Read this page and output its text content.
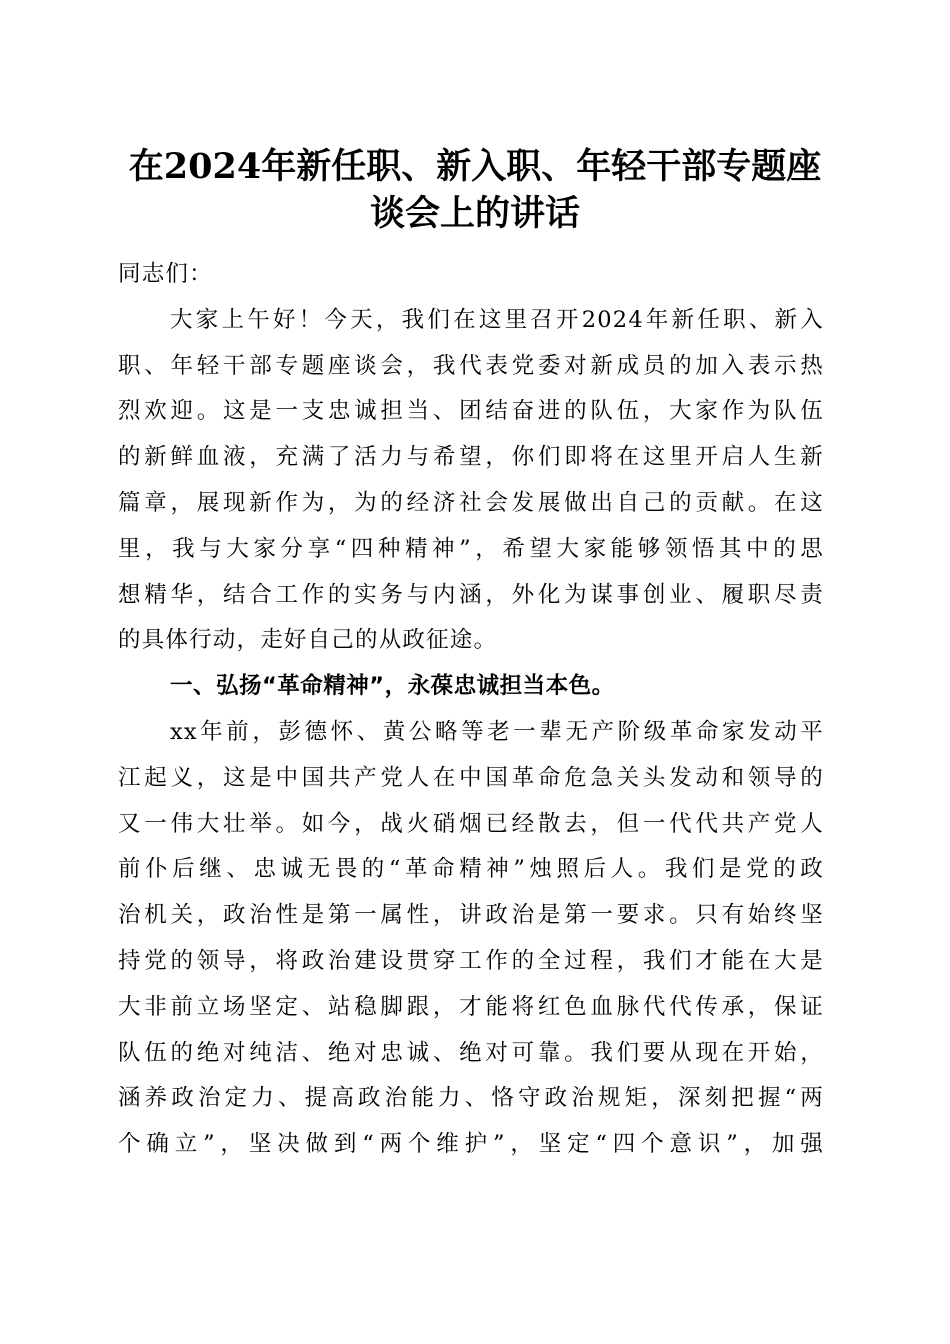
在2024年新任职、新入职、年轻干部专题座
谈会上的讲话
同志们：
大家上午好！今天，我们在这里召开2024年新任职、新入
职、年轻干部专题座谈会，我代表党委对新成员的加入表示热
烈欢迎。这是一支忠诚担当、团结奋进的队伍，大家作为队伍
的新鲜血液，充满了活力与希望，你们即将在这里开启人生新
篇章，展现新作为，为的经济社会发展做出自己的贡献。在这
里，我与大家分享“四种精神”，希望大家能够领悟其中的思
想精华，结合工作的实务与内涵，外化为谋事创业、履职尽责
的具体行动，走好自己的从政征途。
一、弘扬“革命精神”，永葆忠诚担当本色。
xx年前，彭德怀、黄公略等老一辈无产阶级革命家发动平
江起义，这是中国共产党人在中国革命危急关头发动和领导的
又一伟大壮举。如今，战火硝烟已经散去，但一代代共产党人
前仆后继、忠诚无畏的“革命精神”烛照后人。我们是党的政
治机关，政治性是第一属性，讲政治是第一要求。只有始终坚
持党的领导，将政治建设贯穿工作的全过程，我们才能在大是
大非前立场坚定、站稳脚跟，才能将红色血脉代代传承，保证
队伍的绝对纯洁、绝对忠诚、绝对可靠。我们要从现在开始，
涵养政治定力、提高政治能力、恪守政治规矩，深刻把握“两
个确立”，坚决做到“两个维护”，坚定“四个意识”，加强
